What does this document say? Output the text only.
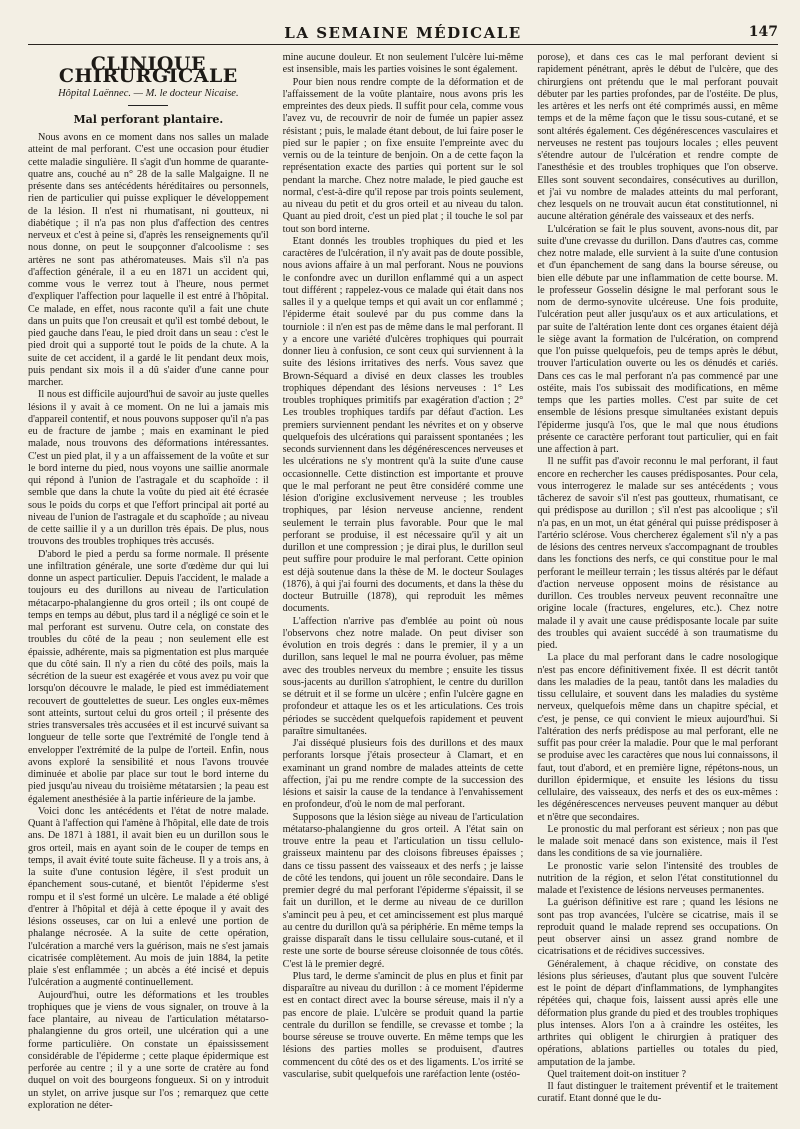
LA SEMAINE MÉDICALE	147
CLINIQUE CHIRURGICALE
Hôpital Laënnec. — M. le docteur Nicaise.
Mal perforant plantaire.

Nous avons en ce moment dans nos salles un malade atteint de mal perforant. C'est une occasion pour étudier cette maladie singulière. Il s'agit d'un homme de quarante-quatre ans, couché au n° 28 de la salle Malgaigne. Il ne présente dans ses antécédents héréditaires ou personnels, rien de particulier qui puisse expliquer le développement de la lésion. Il n'est ni rhumatisant, ni goutteux, ni diabétique ; il n'a pas non plus d'affection des centres nerveux et c'est à peine si, d'après les renseignements qu'il nous donne, on peut le soupçonner d'alcoolisme : ses artères ne sont pas athéromateuses. Mais s'il n'a pas d'affection générale, il a eu en 1871 un accident qui, comme vous le verrez tout à l'heure, nous permet d'expliquer l'affection pour laquelle il est entré à l'hôpital. Ce malade, en effet, nous raconte qu'il a fait une chute dans un puits que l'on creusait et qu'il est tombé debout, le pied gauche dans l'eau, le pied droit dans un seau : c'est le pied droit qui a supporté tout le poids de la chute. A la suite de cet accident, il a gardé le lit pendant deux mois, puis pendant six mois il a dû s'aider d'une canne pour marcher.

Il nous est difficile aujourd'hui de savoir au juste quelles lésions il y avait à ce moment. On ne lui a jamais mis d'appareil contentif, et nous pouvons supposer qu'il n'a pas eu de fracture de jambe ; mais en examinant le pied malade, nous trouvons des déformations intéressantes. C'est un pied plat, il y a un affaissement de la voûte et sur le bord interne du pied, nous voyons une saillie anormale qui répond à l'union de l'astragale et du scaphoïde : il semble que dans la chute la voûte du pied ait été écrasée sous le poids du corps et que l'effort principal ait porté au niveau de l'union de l'astragale et du scaphoïde ; au niveau de cette saillie il y a un durillon très épais. De plus, nous trouvons des troubles trophiques très accusés.

D'abord le pied a perdu sa forme normale. Il présente une infiltration générale, une sorte d'œdème dur qui lui donne un aspect particulier. Depuis l'accident, le malade a toujours eu des durillons au niveau de l'articulation métacarpo-phalangienne du gros orteil ; ils ont coupé de temps en temps au début, plus tard il a négligé ce soin et le mal perforant est survenu. Outre cela, on constate des troubles du côté de la peau ; non seulement elle est épaissie, adhérente, mais sa pigmentation est plus marquée que du côté sain. Il n'y a rien du côté des poils, mais la sécrétion de la sueur est exagérée et vous avez pu voir que lorsqu'on découvre le malade, le pied est immédiatement recouvert de gouttelettes de sueur. Les ongles eux-mêmes sont atteints, surtout celui du gros orteil ; il présente des stries transversales très accusées et il est incurvé suivant sa longueur de telle sorte que l'extrémité de l'ongle tend à envelopper l'extrémité de la pulpe de l'orteil. Enfin, nous avons exploré la sensibilité et nous l'avons trouvée diminuée et abolie par place sur tout le bord interne du pied jusqu'au niveau du troisième métatarsien ; la peau est également anesthésiée à la partie inférieure de la jambe.

Voici donc les antécédents et l'état de notre malade. Quant à l'affection qui l'amène à l'hôpital, elle date de trois ans. De 1871 à 1881, il avait bien eu un durillon sous le gros orteil, mais en ayant soin de le couper de temps en temps, il avait évité toute suite fâcheuse. Il y a trois ans, à la suite d'une contusion légère, il s'est produit un épanchement sous-cutané, et bientôt l'épiderme s'est rompu et il s'est formé un ulcère. Le malade a été obligé d'entrer à l'hôpital et déjà à cette époque il y avait des lésions osseuses, car on lui a enlevé une portion de phalange nécrosée. A la suite de cette opération, l'ulcération a marché vers la guérison, mais ne s'est jamais cicatrisée complètement. Au mois de juin 1884, la petite plaie s'est enflammée ; un abcès a été incisé et depuis l'ulcération a augmenté continuellement.

Aujourd'hui, outre les déformations et les troubles trophiques que je viens de vous signaler, on trouve à la face plantaire, au niveau de l'articulation métatarso-phalangienne du gros orteil, une ulcération qui a une forme particulière. On constate un épaississement considérable de l'épiderme ; cette plaque épidermique est perforée au centre ; il y a une sorte de cratère au fond duquel on voit des bourgeons fongueux. Si on y introduit un stylet, on arrive jusque sur l'os ; remarquez que cette exploration ne déter-

mine aucune douleur. Et non seulement l'ulcère lui-même est insensible, mais les parties voisines le sont également.

Pour bien nous rendre compte de la déformation et de l'affaissement de la voûte plantaire, nous avons pris les empreintes des deux pieds. Il suffit pour cela, comme vous l'avez vu, de recouvrir de noir de fumée un papier assez résistant ; puis, le malade étant debout, de lui faire poser le pied sur le papier ; on fixe ensuite l'empreinte avec du vernis ou de la teinture de benjoin. On a de cette façon la représentation exacte des parties qui portent sur le sol pendant la marche. Chez notre malade, le pied gauche est normal, c'est-à-dire qu'il repose par trois points seulement, au niveau du petit et du gros orteil et au niveau du talon. Quant au pied droit, c'est un pied plat ; il touche le sol par tout son bord interne.

Etant donnés les troubles trophiques du pied et les caractères de l'ulcération, il n'y avait pas de doute possible, nous avions affaire à un mal perforant. Nous ne pouvions le confondre avec un durillon enflammé qui a un aspect tout différent ; rappelez-vous ce malade qui était dans nos salles il y a quelque temps et qui avait un cor enflammé ; l'épiderme était soulevé par du pus comme dans la tourniole : il n'en est pas de même dans le mal perforant. Il y a encore une variété d'ulcères trophiques qui pourrait donner lieu à confusion, ce sont ceux qui surviennent à la suite des lésions irritatives des nerfs. Vous savez que Brown-Séquard a divisé en deux classes les troubles trophiques dépendant des lésions nerveuses : 1° Les troubles trophiques primitifs par exagération d'action ; 2° Les troubles trophiques tardifs par défaut d'action. Les premiers surviennent pendant les névrites et on y observe quelquefois des ulcérations qui paraissent spontanées ; les seconds surviennent dans les dégénérescences nerveuses et les ulcérations ne s'y montrent qu'à la suite d'une cause occasionnelle. Cette distinction est importante et prouve que le mal perforant ne peut être considéré comme une lésion d'origine exclusivement nerveuse ; les troubles trophiques, par lésion nerveuse ancienne, rendent seulement le terrain plus favorable. Pour que le mal perforant se produise, il est nécessaire qu'il y ait un durillon et une compression ; je dirai plus, le durillon seul peut suffire pour produire le mal perforant. Cette opinion est déjà soutenue dans la thèse de M. le docteur Soulages (1876), à qui j'ai fourni des documents, et dans la thèse du docteur Butruille (1878), qui reproduit les mêmes documents.

L'affection n'arrive pas d'emblée au point où nous l'observons chez notre malade. On peut diviser son évolution en trois degrés : dans le premier, il y a un durillon, sans lequel le mal ne pourra évoluer, pas même avec des troubles nerveux du membre ; ensuite les tissus sous-jacents au durillon s'atrophient, le centre du durillon se détruit et il se forme un ulcère ; enfin l'ulcère gagne en profondeur et attaque les os et les articulations. Ces trois périodes se succèdent quelquefois rapidement et peuvent paraître simultanées.

J'ai disséqué plusieurs fois des durillons et des maux perforants lorsque j'étais prosecteur à Clamart, et en examinant un grand nombre de malades atteints de cette affection, j'ai pu me rendre compte de la succession des lésions et saisir la cause de la tendance à l'envahissement en profondeur, d'où le nom de mal perforant.

Supposons que la lésion siège au niveau de l'articulation métatarso-phalangienne du gros orteil. A l'état sain on trouve entre la peau et l'articulation un tissu cellulo-graisseux maintenu par des cloisons fibreuses épaisses ; dans ce tissu passent des vaisseaux et des nerfs ; je laisse de côté les tendons, qui jouent un rôle secondaire. Dans le premier degré du mal perforant l'épiderme s'épaissit, il se fait un durillon, et le derme au niveau de ce durillon s'amincit peu à peu, et cet amincissement est plus marqué au centre du durillon qu'à sa périphérie. En même temps la graisse disparaît dans le tissu cellulaire sous-cutané, et il reste une sorte de bourse séreuse cloisonnée de tous côtés. C'est là le premier degré.

Plus tard, le derme s'amincit de plus en plus et finit par disparaître au niveau du durillon : à ce moment l'épiderme est en contact direct avec la bourse séreuse, mais il n'y a pas encore de plaie. L'ulcère se produit quand la partie centrale du durillon se fendille, se crevasse et tombe ; la bourse séreuse se trouve ouverte. En même temps que les lésions des parties molles se produisent, d'autres commencent du côté des os et des ligaments. L'os irrité se vascularise, subit quelquefois une raréfaction lente (ostéo-

porose), et dans ces cas le mal perforant devient si rapidement pénétrant, après le début de l'ulcère, que des chirurgiens ont prétendu que le mal perforant pouvait débuter par les parties profondes, par de l'ostéite. De plus, les artères et les nerfs ont été comprimés aussi, en même temps et de la même façon que le tissu sous-cutané, et se sont altérés également. Ces dégénérescences vasculaires et nerveuses ne restent pas toujours locales ; elles peuvent s'étendre autour de l'ulcération et rendre compte de l'anesthésie et des troubles trophiques que l'on observe. Elles sont souvent secondaires, consécutives au durillon, et j'ai vu nombre de malades atteints du mal perforant, chez lesquels on ne trouvait aucun état constitutionnel, ni aucune altération générale des vaisseaux et des nerfs.

L'ulcération se fait le plus souvent, avons-nous dit, par suite d'une crevasse du durillon. Dans d'autres cas, comme chez notre malade, elle survient à la suite d'une contusion et d'un épanchement de sang dans la bourse séreuse, ou bien elle débute par une inflammation de cette bourse. M. le professeur Gosselin désigne le mal perforant sous le nom de dermo-synovite ulcéreuse. Une fois produite, l'ulcération peut aller jusqu'aux os et aux articulations, et par suite de l'altération lente dont ces organes étaient déjà le siège avant la formation de l'ulcération, on comprend que l'on puisse quelquefois, peu de temps après le début, trouver l'articulation ouverte ou les os dénudés et cariés. Dans ces cas le mal perforant n'a pas commencé par une ostéite, mais l'os subissait des modifications, en même temps que les parties molles. C'est par suite de cet ensemble de lésions presque simultanées existant depuis l'épiderme jusqu'à l'os, que le mal que nous étudions présente ce caractère perforant tout particulier, qui en fait une affection à part.

Il ne suffit pas d'avoir reconnu le mal perforant, il faut encore en rechercher les causes prédisposantes. Pour cela, vous interrogerez le malade sur ses antécédents ; vous tâcherez de savoir s'il n'est pas goutteux, rhumatisant, ce qui prédispose au durillon ; s'il n'est pas alcoolique ; s'il n'a pas, en un mot, un état général qui puisse prédisposer à l'artério sclérose. Vous chercherez également s'il n'y a pas de lésions des centres nerveux s'accompagnant de troubles dans les fonctions des nerfs, ce qui constitue pour le mal perforant le meilleur terrain ; les tissus altérés par le défaut d'action nerveuse opposent moins de résistance au durillon. Ces troubles nerveux peuvent reconnaître une origine locale (fractures, engelures, etc.). Chez notre malade il y avait une cause prédisposante locale par suite des troubles qui avaient succédé à son traumatisme du pied.

La place du mal perforant dans le cadre nosologique n'est pas encore définitivement fixée. Il est décrit tantôt dans les maladies de la peau, tantôt dans les maladies du tissu cellulaire, et souvent dans les maladies du système nerveux, quelquefois même dans un chapitre spécial, et c'est, je pense, ce qui convient le mieux aujourd'hui. Si l'altération des nerfs prédispose au mal perforant, elle ne suffit pas pour créer la maladie. Pour que le mal perforant se produise avec les caractères que nous lui connaissons, il faut, tout d'abord, et en première ligne, répétons-nous, un durillon épidermique, et ensuite les lésions du tissu cellulaire, des vaisseaux, des nerfs et des os eux-mêmes : les dégénérescences nerveuses peuvent manquer au début et n'être que secondaires.

Le pronostic du mal perforant est sérieux ; non pas que le malade soit menacé dans son existence, mais il l'est dans les conditions de sa vie journalière.

Le pronostic varie selon l'intensité des troubles de nutrition de la région, et selon l'état constitutionnel du malade et l'existence de lésions nerveuses permanentes.

La guérison définitive est rare ; quand les lésions ne sont pas trop avancées, l'ulcère se cicatrise, mais il se reproduit quand le malade reprend ses occupations. On peut observer ainsi un assez grand nombre de cicatrisations et de récidives successives.

Généralement, à chaque récidive, on constate des lésions plus sérieuses, d'autant plus que souvent l'ulcère est le point de départ d'inflammations, de lymphangites répétées qui, chaque fois, laissent aussi après elle une déformation plus grande du pied et des troubles trophiques plus intenses. Alors l'on a à craindre les ostéites, les arthrites qui obligent le chirurgien à pratiquer des opérations, ablations partielles ou totales du pied, amputation de la jambe.

Quel traitement doit-on instituer ?

Il faut distinguer le traitement préventif et le traitement curatif. Etant donné que le du-
